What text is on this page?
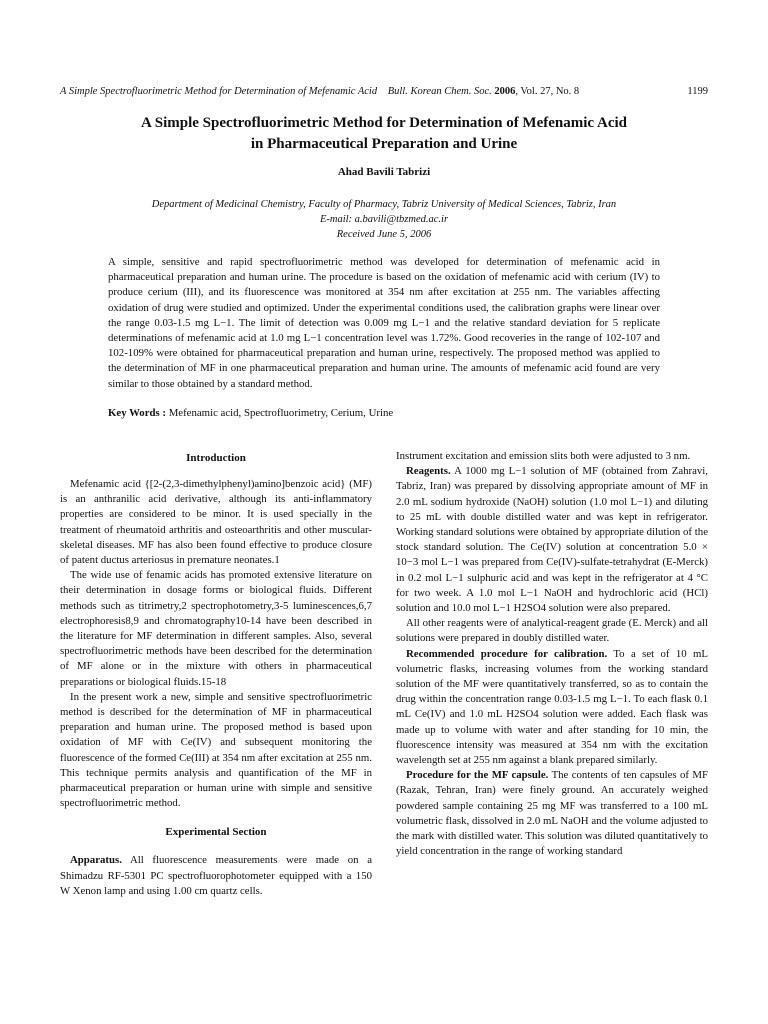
A Simple Spectrofluorimetric Method for Determination of Mefenamic Acid Bull. Korean Chem. Soc. 2006, Vol. 27, No. 8	1199
A Simple Spectrofluorimetric Method for Determination of Mefenamic Acid
in Pharmaceutical Preparation and Urine
Ahad Bavili Tabrizi
Department of Medicinal Chemistry, Faculty of Pharmacy, Tabriz University of Medical Sciences, Tabriz, Iran
E-mail: a.bavili@tbzmed.ac.ir
Received June 5, 2006

A simple, sensitive and rapid spectrofluorimetric method was developed for determination of mefenamic acid in pharmaceutical preparation and human urine. The procedure is based on the oxidation of mefenamic acid with cerium (IV) to produce cerium (III), and its fluorescence was monitored at 354 nm after excitation at 255 nm. The variables affecting oxidation of drug were studied and optimized. Under the experimental conditions used, the calibration graphs were linear over the range 0.03-1.5 mg L−1. The limit of detection was 0.009 mg L−1 and the relative standard deviation for 5 replicate determinations of mefenamic acid at 1.0 mg L−1 concentration level was 1.72%. Good recoveries in the range of 102-107 and 102-109% were obtained for pharmaceutical preparation and human urine, respectively. The proposed method was applied to the determination of MF in one pharmaceutical preparation and human urine. The amounts of mefenamic acid found are very similar to those obtained by a standard method.

Key Words : Mefenamic acid, Spectrofluorimetry, Cerium, Urine
Introduction

Mefenamic acid {[2-(2,3-dimethylphenyl)amino]benzoic acid} (MF) is an anthranilic acid derivative, although its anti-inflammatory properties are considered to be minor. It is used specially in the treatment of rheumatoid arthritis and osteoarthritis and other muscular-skeletal diseases. MF has also been found effective to produce closure of patent ductus arteriosus in premature neonates.1

The wide use of fenamic acids has promoted extensive literature on their determination in dosage forms or biological fluids. Different methods such as titrimetry,2 spectrophotometry,3-5 luminescences,6,7 electrophoresis8,9 and chromatography10-14 have been described in the literature for MF determination in different samples. Also, several spectrofluorimetric methods have been described for the determination of MF alone or in the mixture with others in pharmaceutical preparations or biological fluids.15-18

In the present work a new, simple and sensitive spectrofluorimetric method is described for the determination of MF in pharmaceutical preparation and human urine. The proposed method is based upon oxidation of MF with Ce(IV) and subsequent monitoring the fluorescence of the formed Ce(III) at 354 nm after excitation at 255 nm. This technique permits analysis and quantification of the MF in pharmaceutical preparation or human urine with simple and sensitive spectrofluorimetric method.

Experimental Section

Apparatus. All fluorescence measurements were made on a Shimadzu RF-5301 PC spectrofluorophotometer equipped with a 150 W Xenon lamp and using 1.00 cm quartz cells.

Instrument excitation and emission slits both were adjusted to 3 nm.

Reagents. A 1000 mg L−1 solution of MF (obtained from Zahravi, Tabriz, Iran) was prepared by dissolving appropriate amount of MF in 2.0 mL sodium hydroxide (NaOH) solution (1.0 mol L−1) and diluting to 25 mL with double distilled water and was kept in refrigerator. Working standard solutions were obtained by appropriate dilution of the stock standard solution. The Ce(IV) solution at concentration 5.0 × 10−3 mol L−1 was prepared from Ce(IV)-sulfate-tetrahydrat (E-Merck) in 0.2 mol L−1 sulphuric acid and was kept in the refrigerator at 4 °C for two week. A 1.0 mol L−1 NaOH and hydrochloric acid (HCl) solution and 10.0 mol L−1 H2SO4 solution were also prepared.

All other reagents were of analytical-reagent grade (E. Merck) and all solutions were prepared in doubly distilled water.

Recommended procedure for calibration. To a set of 10 mL volumetric flasks, increasing volumes from the working standard solution of the MF were quantitatively transferred, so as to contain the drug within the concentration range 0.03-1.5 mg L−1. To each flask 0.1 mL Ce(IV) and 1.0 mL H2SO4 solution were added. Each flask was made up to volume with water and after standing for 10 min, the fluorescence intensity was measured at 354 nm with the excitation wavelength set at 255 nm against a blank prepared similarly.

Procedure for the MF capsule. The contents of ten capsules of MF (Razak, Tehran, Iran) were finely ground. An accurately weighed powdered sample containing 25 mg MF was transferred to a 100 mL volumetric flask, dissolved in 2.0 mL NaOH and the volume adjusted to the mark with distilled water. This solution was diluted quantitatively to yield concentration in the range of working standard
